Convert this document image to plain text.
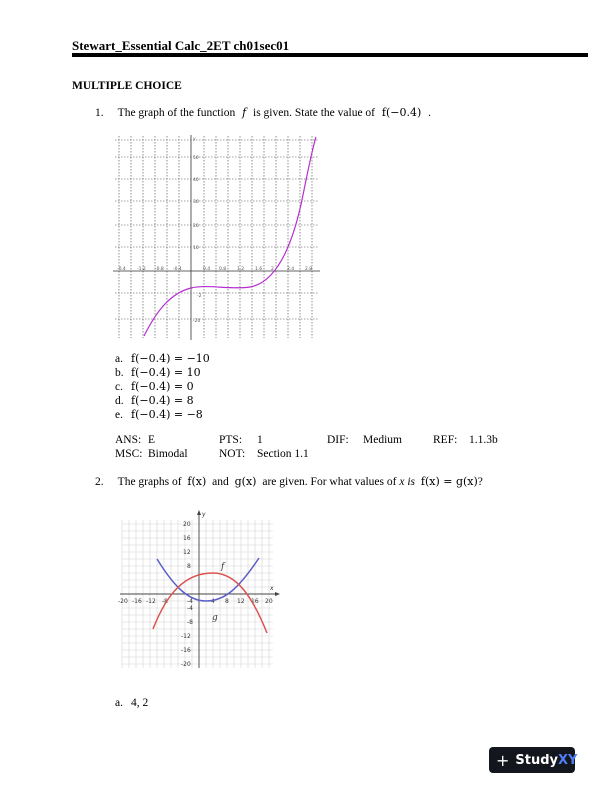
Stewart_Essential Calc_2ET ch01sec01
MULTIPLE CHOICE
1. The graph of the function f is given. State the value of f(−0.4) .
y
50
40
30
20
10
-2
-20
-0.4 -1.2 -0.8 -0.4	0.4 0.8 1.2 1.6 2	2.4 2.8
a. f(−0.4) = −10
b. f(−0.4) = 10
c. f(−0.4) = 0
d. f(−0.4) = 8
e. f(−0.4) = −8
ANS: E	PTS: 1	DIF: Medium	REF: 1.1.3b
MSC: Bimodal	NOT: Section 1.1
2. The graphs of f(x) and g(x) are given. For what values of x is f(x) = g(x)?
y
x
20
16
12
8
-4
-8
-12
-16
-20
-20 -16 -12 -8	-4	4 8 12 16 20
f
g
a. 4, 2
+ StudyXY
